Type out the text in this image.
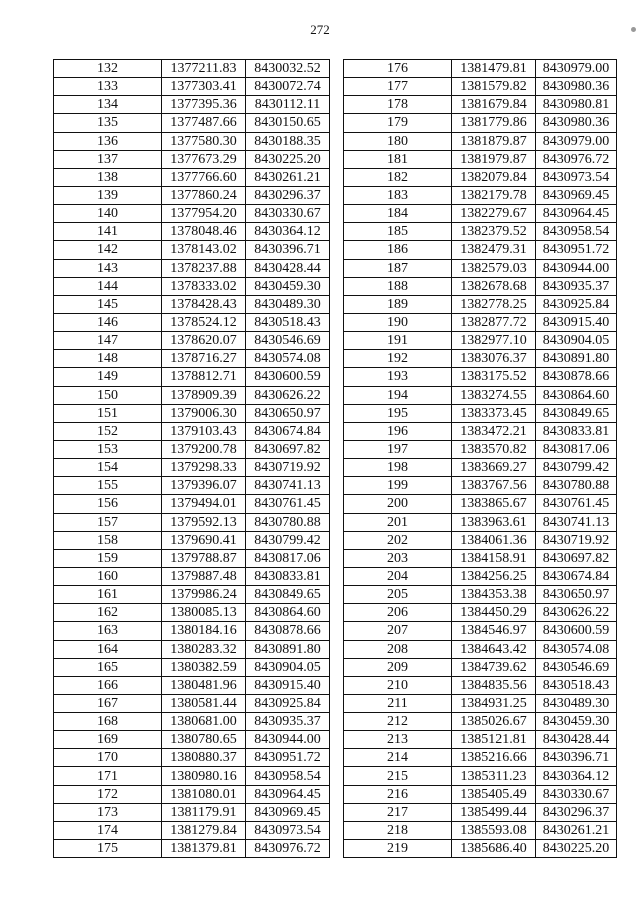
272
132	1377211.83	8430032.52
133	1377303.41	8430072.74
134	1377395.36	8430112.11
135	1377487.66	8430150.65
136	1377580.30	8430188.35
137	1377673.29	8430225.20
138	1377766.60	8430261.21
139	1377860.24	8430296.37
140	1377954.20	8430330.67
141	1378048.46	8430364.12
142	1378143.02	8430396.71
143	1378237.88	8430428.44
144	1378333.02	8430459.30
145	1378428.43	8430489.30
146	1378524.12	8430518.43
147	1378620.07	8430546.69
148	1378716.27	8430574.08
149	1378812.71	8430600.59
150	1378909.39	8430626.22
151	1379006.30	8430650.97
152	1379103.43	8430674.84
153	1379200.78	8430697.82
154	1379298.33	8430719.92
155	1379396.07	8430741.13
156	1379494.01	8430761.45
157	1379592.13	8430780.88
158	1379690.41	8430799.42
159	1379788.87	8430817.06
160	1379887.48	8430833.81
161	1379986.24	8430849.65
162	1380085.13	8430864.60
163	1380184.16	8430878.66
164	1380283.32	8430891.80
165	1380382.59	8430904.05
166	1380481.96	8430915.40
167	1380581.44	8430925.84
168	1380681.00	8430935.37
169	1380780.65	8430944.00
170	1380880.37	8430951.72
171	1380980.16	8430958.54
172	1381080.01	8430964.45
173	1381179.91	8430969.45
174	1381279.84	8430973.54
175	1381379.81	8430976.72
176	1381479.81	8430979.00
177	1381579.82	8430980.36
178	1381679.84	8430980.81
179	1381779.86	8430980.36
180	1381879.87	8430979.00
181	1381979.87	8430976.72
182	1382079.84	8430973.54
183	1382179.78	8430969.45
184	1382279.67	8430964.45
185	1382379.52	8430958.54
186	1382479.31	8430951.72
187	1382579.03	8430944.00
188	1382678.68	8430935.37
189	1382778.25	8430925.84
190	1382877.72	8430915.40
191	1382977.10	8430904.05
192	1383076.37	8430891.80
193	1383175.52	8430878.66
194	1383274.55	8430864.60
195	1383373.45	8430849.65
196	1383472.21	8430833.81
197	1383570.82	8430817.06
198	1383669.27	8430799.42
199	1383767.56	8430780.88
200	1383865.67	8430761.45
201	1383963.61	8430741.13
202	1384061.36	8430719.92
203	1384158.91	8430697.82
204	1384256.25	8430674.84
205	1384353.38	8430650.97
206	1384450.29	8430626.22
207	1384546.97	8430600.59
208	1384643.42	8430574.08
209	1384739.62	8430546.69
210	1384835.56	8430518.43
211	1384931.25	8430489.30
212	1385026.67	8430459.30
213	1385121.81	8430428.44
214	1385216.66	8430396.71
215	1385311.23	8430364.12
216	1385405.49	8430330.67
217	1385499.44	8430296.37
218	1385593.08	8430261.21
219	1385686.40	8430225.20
